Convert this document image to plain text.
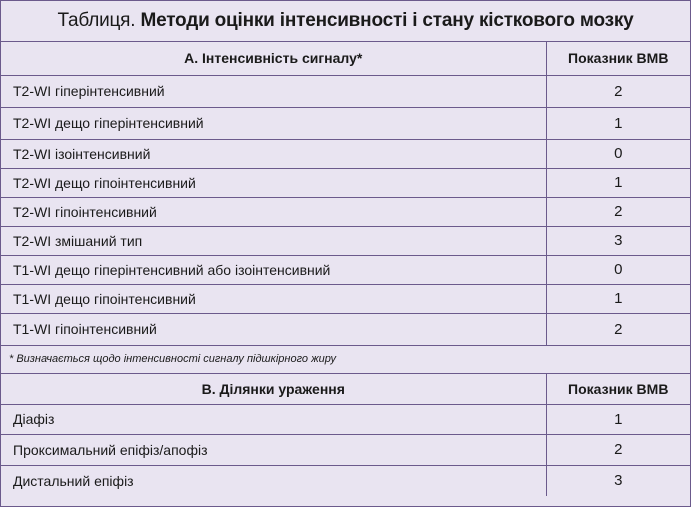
Таблиця. Методи оцінки інтенсивності і стану кісткового мозку
А. Інтенсивність сигналу*	Показник ВМВ
T2-WI гіперінтенсивний	2
T2-WI дещо гіперінтенсивний	1
T2-WI ізоінтенсивний	0
T2-WI дещо гіпоінтенсивний	1
T2-WI гіпоінтенсивний	2
T2-WI змішаний тип	3
T1-WI дещо гіперінтенсивний або ізоінтенсивний	0
T1-WI дещо гіпоінтенсивний	1
T1-WI гіпоінтенсивний	2
* Визначається щодо інтенсивності сигналу підшкірного жиру	
В. Ділянки ураження	Показник ВМВ
Діафіз	1
Проксимальний епіфіз/апофіз	2
Дистальний епіфіз	3
